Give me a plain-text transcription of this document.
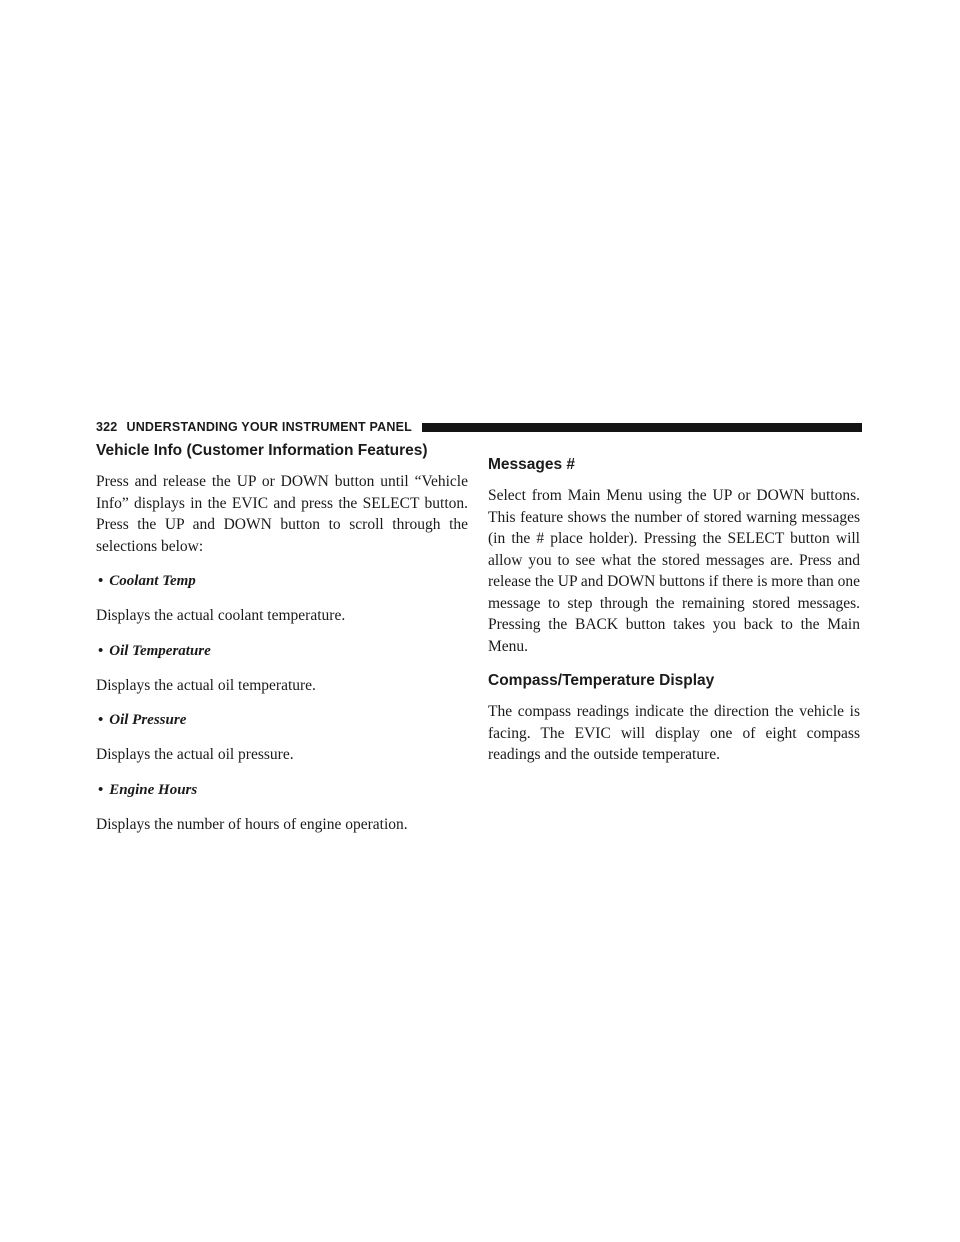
322 UNDERSTANDING YOUR INSTRUMENT PANEL
Vehicle Info (Customer Information Features)

Press and release the UP or DOWN button until “Vehicle Info” displays in the EVIC and press the SELECT button. Press the UP and DOWN button to scroll through the selections below:

• Coolant Temp

Displays the actual coolant temperature.

• Oil Temperature

Displays the actual oil temperature.

• Oil Pressure

Displays the actual oil pressure.

• Engine Hours

Displays the number of hours of engine operation.

Messages #

Select from Main Menu using the UP or DOWN buttons. This feature shows the number of stored warning messages (in the # place holder). Pressing the SELECT button will allow you to see what the stored messages are. Press and release the UP and DOWN buttons if there is more than one message to step through the remaining stored messages. Pressing the BACK button takes you back to the Main Menu.

Compass/Temperature Display

The compass readings indicate the direction the vehicle is facing. The EVIC will display one of eight compass readings and the outside temperature.
